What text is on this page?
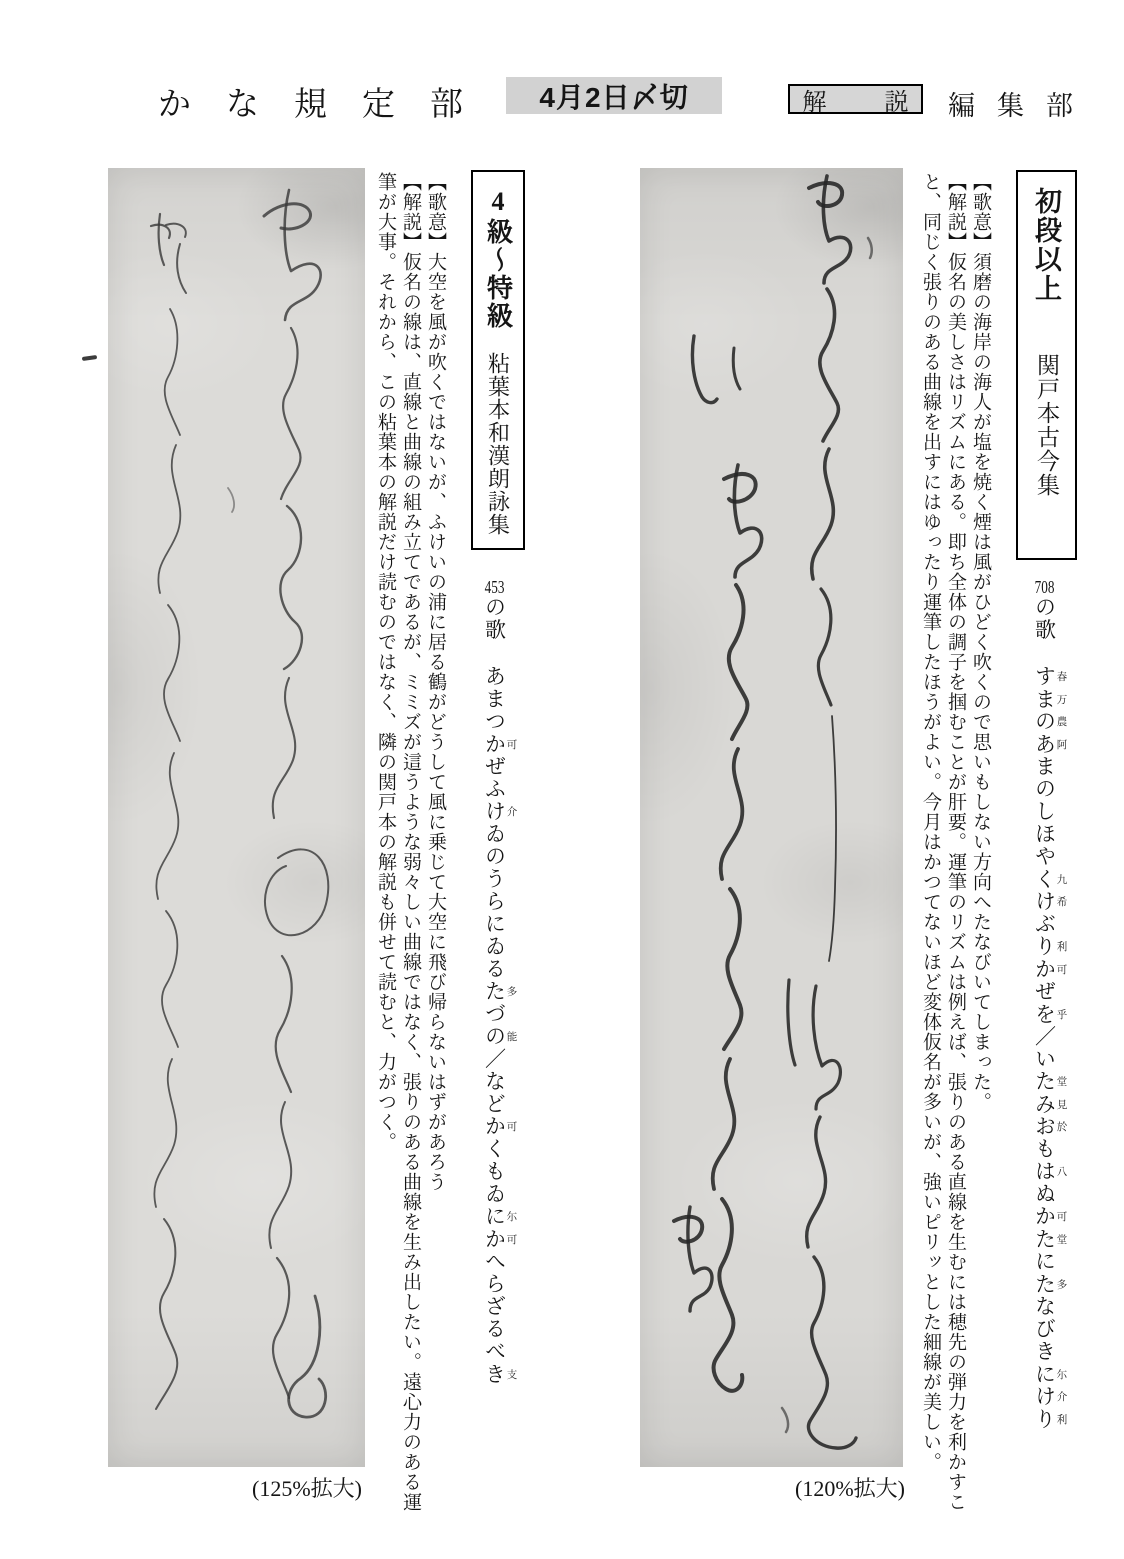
かな規定部	4月2日〆切	解説
編集部
初段以上
関戸本古今集
708の歌す 春ま 万の 農あ 阿まのしほやく 九け 希ぶり 利か 可ぜを 乎／いた 堂み 見お 於もは 八ぬか 可た 堂にた 多なびきに 尓け 介り 利

【歌意】須磨の海岸の海人が塩を焼く煙は風がひどく吹くので思いもしない方向へたなびいてしまった。

【解説】仮名の美しさはリズムにある。即ち全体の調子を掴むことが肝要。運筆のリズムは例えば、張りのある直線を生むには穂先の弾力を利かすこと、同じく張りのある曲線を出すにはゆったり運筆したほうがよい。今月はかつてないほど変体仮名が多いが、強いピリッとした細線が美しい。

(120%拡大)
4級〜特級
粘葉本和漢朗詠集
453の歌あまつか 可ぜふけ 介ゐのうらにゐるた 多づの 能／などか 可くもゐに 尓か 可へらざるべき 支

【歌意】大空を風が吹くではないが、ふけいの浦に居る鶴がどうして風に乗じて大空に飛び帰らないはずがあろう

【解説】仮名の線は、直線と曲線の組み立てであるが、ミミズが這うような弱々しい曲線ではなく、張りのある曲線を生み出したい。遠心力のある運筆が大事。それから、この粘葉本の解説だけ読むのではなく、隣の関戸本の解説も併せて読むと、力がつく。

(125%拡大)
